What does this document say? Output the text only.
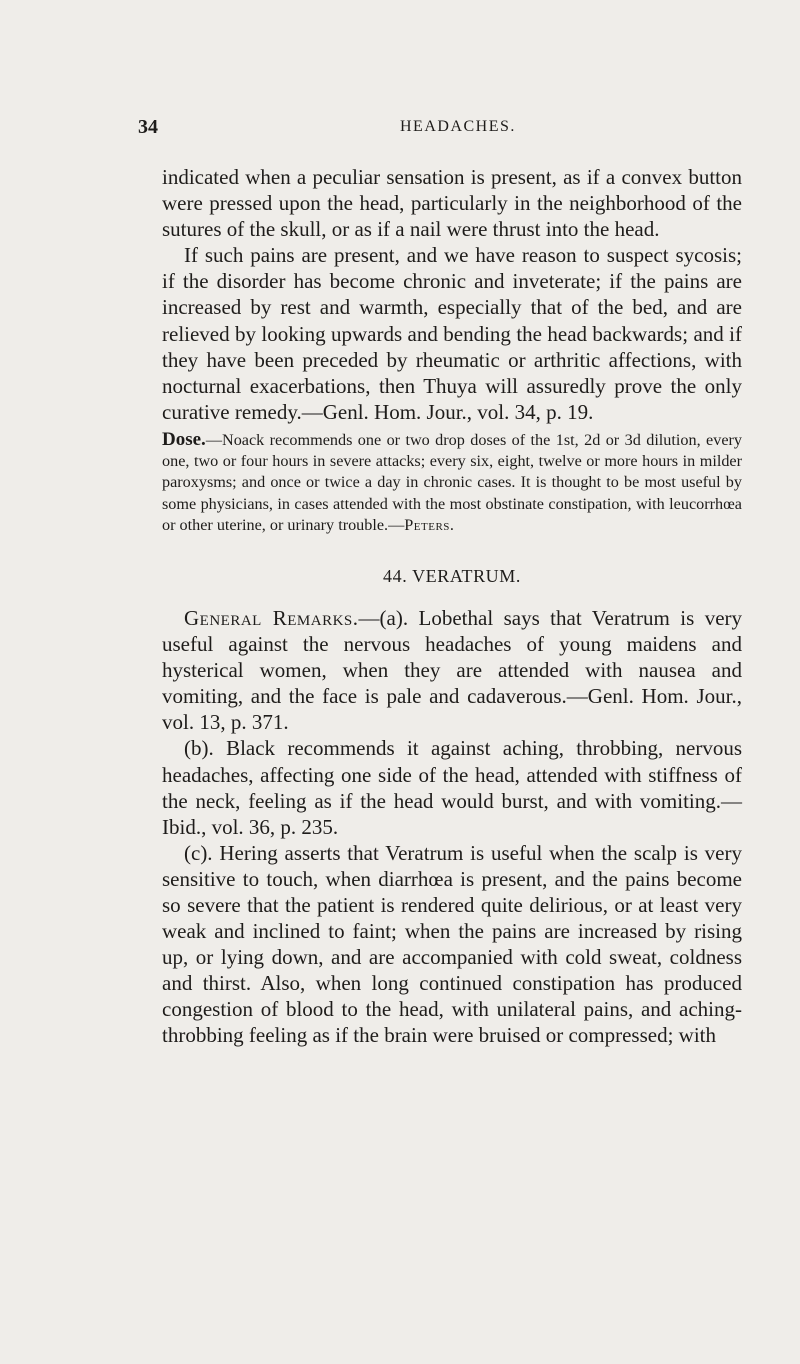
34	HEADACHES.

indicated when a peculiar sensation is present, as if a convex button were pressed upon the head, particularly in the neighborhood of the sutures of the skull, or as if a nail were thrust into the head.

If such pains are present, and we have reason to suspect sycosis; if the disorder has become chronic and inveterate; if the pains are increased by rest and warmth, especially that of the bed, and are relieved by looking upwards and bending the head backwards; and if they have been preceded by rheumatic or arthritic affections, with nocturnal exacerbations, then Thuya will assuredly prove the only curative remedy.—Genl. Hom. Jour., vol. 34, p. 19.

Dose.—Noack recommends one or two drop doses of the 1st, 2d or 3d dilution, every one, two or four hours in severe attacks; every six, eight, twelve or more hours in milder paroxysms; and once or twice a day in chronic cases. It is thought to be most useful by some physicians, in cases attended with the most obstinate constipation, with leucorrhœa or other uterine, or urinary trouble.—Peters.

44. VERATRUM.

General Remarks.—(a). Lobethal says that Veratrum is very useful against the nervous headaches of young maidens and hysterical women, when they are attended with nausea and vomiting, and the face is pale and cadaverous.—Genl. Hom. Jour., vol. 13, p. 371.

(b). Black recommends it against aching, throbbing, nervous headaches, affecting one side of the head, attended with stiffness of the neck, feeling as if the head would burst, and with vomiting.—Ibid., vol. 36, p. 235.

(c). Hering asserts that Veratrum is useful when the scalp is very sensitive to touch, when diarrhœa is present, and the pains become so severe that the patient is rendered quite delirious, or at least very weak and inclined to faint; when the pains are increased by rising up, or lying down, and are accompanied with cold sweat, coldness and thirst. Also, when long continued constipation has produced congestion of blood to the head, with unilateral pains, and aching-throbbing feeling as if the brain were bruised or compressed; with
